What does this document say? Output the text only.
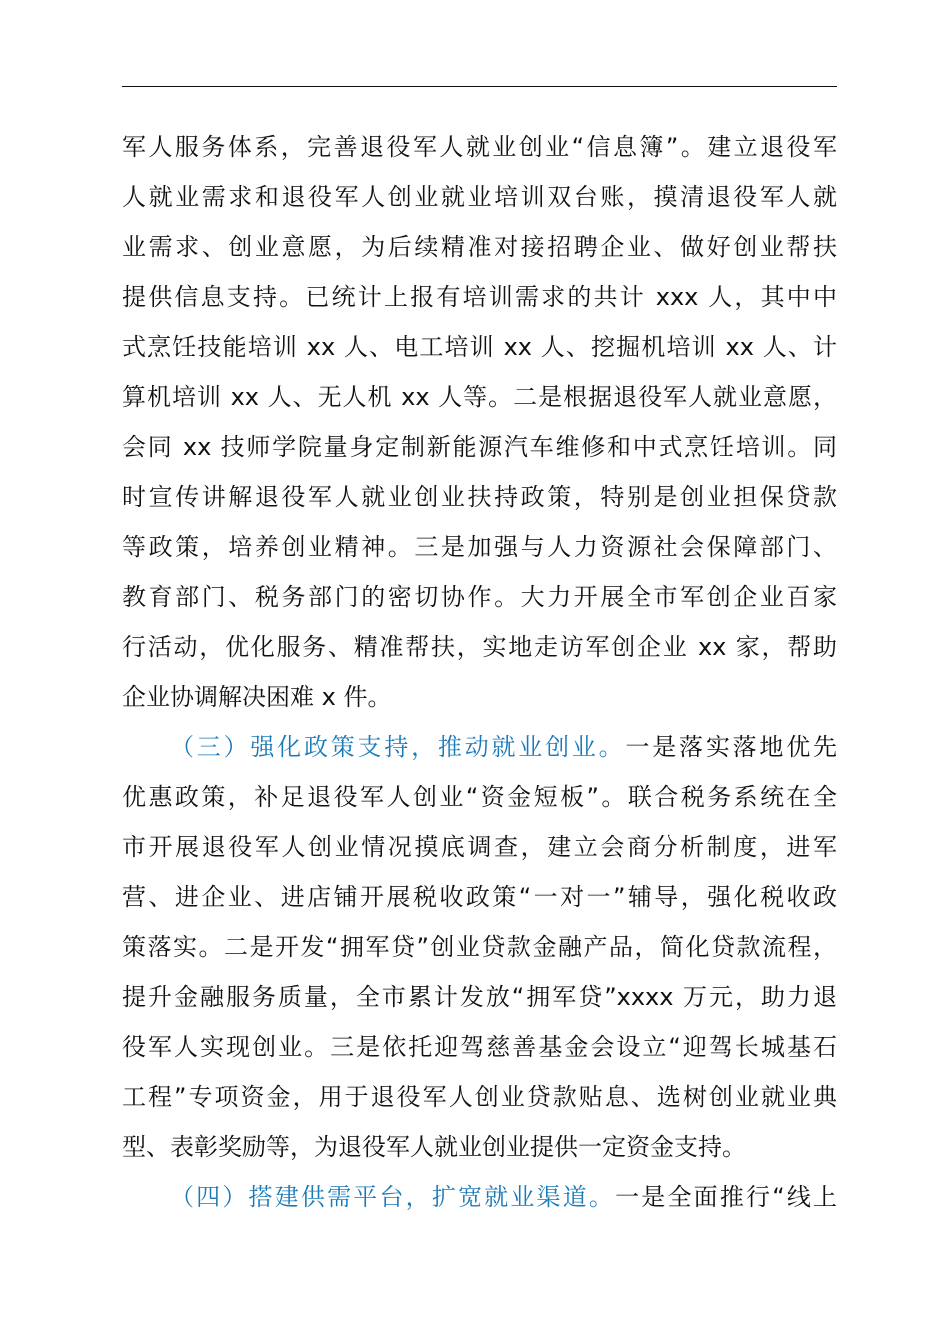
军人服务体系，完善退役军人就业创业“信息簿”。建立退役军
人就业需求和退役军人创业就业培训双台账，摸清退役军人就
业需求、创业意愿，为后续精准对接招聘企业、做好创业帮扶
提供信息支持。已统计上报有培训需求的共计 xxx 人，其中中
式烹饪技能培训 xx 人、电工培训 xx 人、挖掘机培训 xx 人、计
算机培训 xx 人、无人机 xx 人等。二是根据退役军人就业意愿，
会同 xx 技师学院量身定制新能源汽车维修和中式烹饪培训。同
时宣传讲解退役军人就业创业扶持政策，特别是创业担保贷款
等政策，培养创业精神。三是加强与人力资源社会保障部门、
教育部门、税务部门的密切协作。大力开展全市军创企业百家
行活动，优化服务、精准帮扶，实地走访军创企业 xx 家，帮助
企业协调解决困难 x 件。
（三）强化政策支持，推动就业创业。一是落实落地优先
优惠政策，补足退役军人创业“资金短板”。联合税务系统在全
市开展退役军人创业情况摸底调查，建立会商分析制度，进军
营、进企业、进店铺开展税收政策“一对一”辅导，强化税收政
策落实。二是开发“拥军贷”创业贷款金融产品，简化贷款流程，
提升金融服务质量，全市累计发放“拥军贷”xxxx 万元，助力退
役军人实现创业。三是依托迎驾慈善基金会设立“迎驾长城基石
工程”专项资金，用于退役军人创业贷款贴息、选树创业就业典
型、表彰奖励等，为退役军人就业创业提供一定资金支持。
（四）搭建供需平台，扩宽就业渠道。一是全面推行“线上
